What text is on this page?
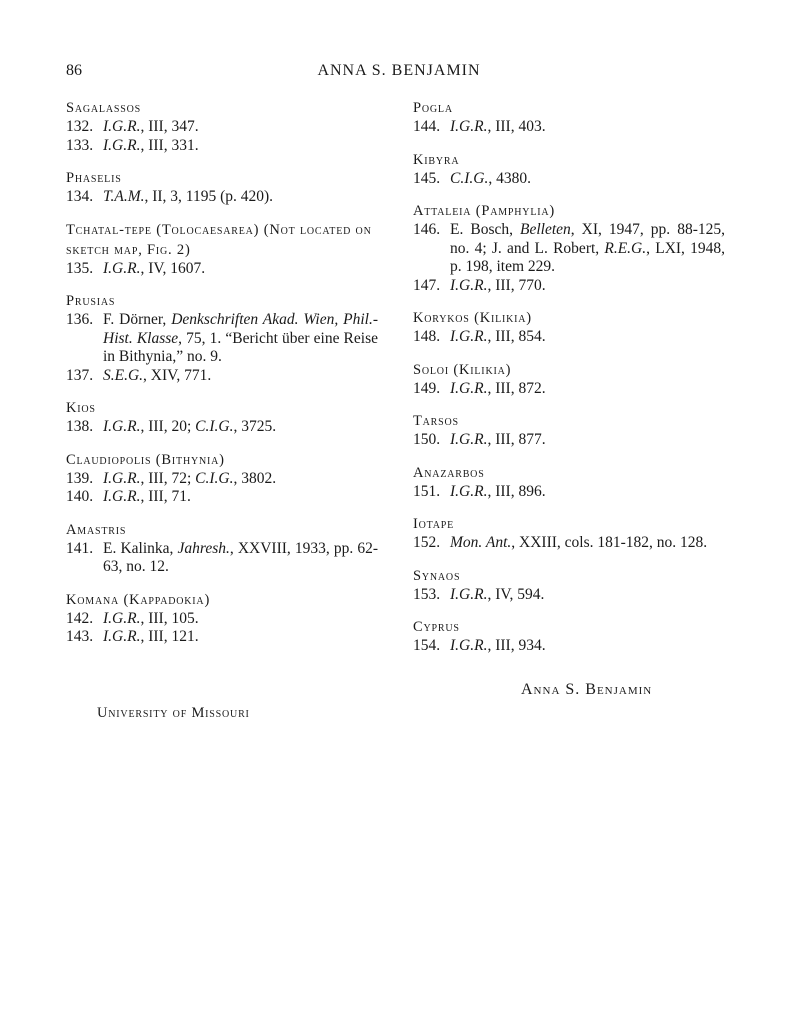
86	ANNA S. BENJAMIN
Sagalassos
132. I.G.R., III, 347.
133. I.G.R., III, 331.
Phaselis
134. T.A.M., II, 3, 1195 (p. 420).
Tchatal-tepe (Tolocaesarea) (Not located on sketch map, Fig. 2)
135. I.G.R., IV, 1607.
Prusias
136. F. Dörner, Denkschriften Akad. Wien, Phil.-Hist. Klasse, 75, 1. “Bericht über eine Reise in Bithynia,” no. 9.
137. S.E.G., XIV, 771.
Kios
138. I.G.R., III, 20; C.I.G., 3725.
Claudiopolis (Bithynia)
139. I.G.R., III, 72; C.I.G., 3802.
140. I.G.R., III, 71.
Amastris
141. E. Kalinka, Jahresh., XXVIII, 1933, pp. 62-63, no. 12.
Komana (Kappadokia)
142. I.G.R., III, 105.
143. I.G.R., III, 121.
Pogla
144. I.G.R., III, 403.
Kibyra
145. C.I.G., 4380.
Attaleia (Pamphylia)
146. E. Bosch, Belleten, XI, 1947, pp. 88-125, no. 4; J. and L. Robert, R.E.G., LXI, 1948, p. 198, item 229.
147. I.G.R., III, 770.
Korykos (Kilikia)
148. I.G.R., III, 854.
Soloi (Kilikia)
149. I.G.R., III, 872.
Tarsos
150. I.G.R., III, 877.
Anazarbos
151. I.G.R., III, 896.
Iotape
152. Mon. Ant., XXIII, cols. 181-182, no. 128.
Synaos
153. I.G.R., IV, 594.
Cyprus
154. I.G.R., III, 934.
Anna S. Benjamin
University of Missouri
